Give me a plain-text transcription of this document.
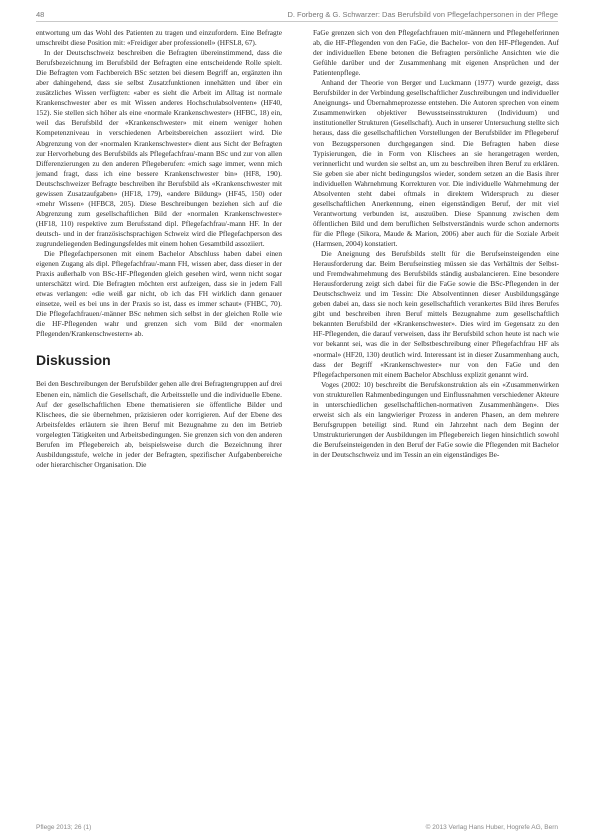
48	D. Forberg & G. Schwarzer: Das Berufsbild von Pflegefachpersonen in der Pflege

entwortung um das Wohl des Patienten zu tragen und einzufordern. Eine Befragte umschreibt diese Position mit: «Freidiger aber professionell» (HFSL8, 67).

In der Deutschschweiz beschreiben die Befragten übereinstimmend, dass die Berufsbezeichnung im Berufsbild der Befragten eine entscheidende Rolle spielt. Die Befragten vom Fachbereich BSc setzten bei diesem Begriff an, ergänzten ihn aber dahingehend, dass sie selbst Zusatzfunktionen innehätten und über ein zusätzliches Wissen verfügten: «aber es sieht die Arbeit im Alltag ist normale Krankenschwester aber es mit Wissen anderes Hochschulabsolventen» (HF40, 152). Sie stellen sich höher als eine «normale Krankenschwester» (HFBC, 18) ein, weil das Berufsbild der «Krankenschwester» mit einem weniger hohen Kompetenzniveau in verschiedenen Arbeitsbereichen assoziiert wird. Die Abgrenzung von der «normalen Krankenschwester» dient aus Sicht der Befragten zur Hervorhebung des Berufsbilds als Pflegefachfrau/-mann BSc und zur von allen Differenzierungen zu den anderen Pflegeberufen: «mich sage immer, wenn mich jemand fragt, dass ich eine bessere Krankenschwester bin» (HF8, 190). Deutschschweizer Befragte beschreiben ihr Berufsbild als «Krankenschwester mit gewissen Zusatzaufgaben» (HF18, 179), «andere Bildung» (HF45, 150) oder «mehr Wissen» (HFBC8, 205). Diese Beschreibungen beziehen sich auf die Abgrenzung zum gesellschaftlichen Bild der «normalen Krankenschwester» (HF18, 110) respektive zum Berufsstand dipl. Pflegefachfrau/-mann HF. In der deutsch- und in der französischsprachigen Schweiz wird die Pflegefachperson des zugrundeliegenden Bedingungsfeldes mit einem hohen Gesamtbild assoziiert.

Die Pflegefachpersonen mit einem Bachelor Abschluss haben dabei einen eigenen Zugang als dipl. Pflegefachfrau/-mann FH, wissen aber, dass dieser in der Praxis außerhalb von BSc-HF-Pflegenden gleich gesehen wird, wenn nicht sogar unterschätzt wird. Die Befragten möchten erst aufzeigen, dass sie in jedem Fall etwas verlangen: «die weiß gar nicht, ob ich das FH wirklich dann genauer einsetze, weil es bei uns in der Praxis so ist, dass es immer schaut» (FHBC, 70). Die Pflegefachfrauen/-männer BSc nehmen sich selbst in der gleichen Rolle wie die HF-Pflegenden wahr und grenzen sich vom Bild der «normalen Pflegenden/Krankenschwestern» ab.

Diskussion

Bei den Beschreibungen der Berufsbilder gehen alle drei Befragtengruppen auf drei Ebenen ein, nämlich die Gesellschaft, die Arbeitsstelle und die individuelle Ebene. Auf der gesellschaftlichen Ebene thematisieren sie öffentliche Bilder und Klischees, die sie übernehmen, präzisieren oder korrigieren. Auf der Ebene des Arbeitsfeldes erläutern sie ihren Beruf mit Bezugnahme zu den im Betrieb vorgelegten Tätigkeiten und Arbeitsbedingungen. Sie grenzen sich von den anderen Berufen im Pflegebereich ab, beispielsweise durch die Bezeichnung ihrer Ausbildungsstufe, welche in jeder der Befragten, spezifischer Aufgabenbereiche oder hierarchischer Organisation. Die

FaGe grenzen sich von den Pflegefachfrauen mit/-männern und Pflegehelferinnen ab, die HF-Pflegenden von den FaGe, die Bachelor- von den HF-Pflegenden. Auf der individuellen Ebene betonen die Befragten persönliche Ansichten wie die Gefühle darüber und der Zusammenhang mit eigenen Ansprüchen und der Patientenpflege.

Anhand der Theorie von Berger und Luckmann (1977) wurde gezeigt, dass Berufsbilder in der Verbindung gesellschaftlicher Zuschreibungen und individueller Aneignungs- und Übernahmeprozesse entstehen. Die Autoren sprechen von einem Zusammenwirken objektiver Bewusstseinsstrukturen (Individuum) und institutioneller Strukturen (Gesellschaft). Auch in unserer Untersuchung stellte sich heraus, dass die gesellschaftlichen Vorstellungen der Berufsbilder im Pflegeberuf von Bezugspersonen durchgegangen sind. Die Befragten haben diese Typisierungen, die in Form von Klischees an sie herangetragen werden, verinnerlicht und wurden sie selbst an, um zu beschreiben ihren Beruf zu erklären. Sie geben sie aber nicht bedingungslos wieder, sondern setzen an die Basis ihrer individuellen Wahrnehmung Korrekturen vor. Die individuelle Wahrnehmung der Absolventen steht dabei oftmals in direktem Widerspruch zu dieser gesellschaftlichen Anerkennung, einen eigenständigen Beruf, der mit viel Verantwortung verbunden ist, auszuüben. Diese Spannung zwischen dem öffentlichen Bild und dem beruflichen Selbstverständnis wurde schon andernorts für die Pflege (Sikora, Maude & Marion, 2006) aber auch für die Soziale Arbeit (Harmsen, 2004) konstatiert.

Die Aneignung des Berufsbilds stellt für die Berufseinsteigenden eine Herausforderung dar. Beim Berufseinstieg müssen sie das Verhältnis der Selbst- und Fremdwahrnehmung des Berufsbilds ständig ausbalancieren. Eine besondere Herausforderung zeigt sich dabei für die FaGe sowie die BSc-Pflegenden in der Deutschschweiz und im Tessin: Die Absolventinnen dieser Ausbildungsgänge geben dabei an, dass sie noch kein gesellschaftlich verankertes Bild ihres Berufes gibt und beschreiben ihren Beruf mittels Bezugnahme zum gesellschaftlich bekannten Berufsbild der «Krankenschwester». Dies wird im Gegensatz zu den HF-Pflegenden, die darauf verweisen, dass ihr Berufsbild schon heute ist nach wie vor bekannt sei, was die in der Selbstbeschreibung einer Pflegefachfrau HF als «normal» (HF20, 130) deutlich wird. Interessant ist in dieser Zusammenhang auch, dass der Begriff «Krankenschwester» nur von den FaGe und den Pflegefachpersonen mit einem Bachelor Abschluss explizit genannt wird.

Voges (2002: 10) beschreibt die Berufskonstruktion als ein «Zusammenwirken von strukturellen Rahmenbedingungen und Einflussnahmen verschiedener Akteure in unterschiedlichen gesellschaftlichen-normativen Zusammenhängen». Dies erweist sich als ein langwieriger Prozess in anderen Phasen, an dem mehrere Berufsgruppen beteiligt sind. Rund ein Jahrzehnt nach dem Beginn der Umstrukturierungen der Ausbildungen im Pflegebereich liegen hinsichtlich sowohl die Berufseinsteigenden in den Beruf der FaGe sowie die Pflegenden mit Bachelor in der Deutschschweiz und im Tessin an ein eigenständiges Be-

Pflege 2013; 26 (1)	© 2013 Verlag Hans Huber, Hogrefe AG, Bern
